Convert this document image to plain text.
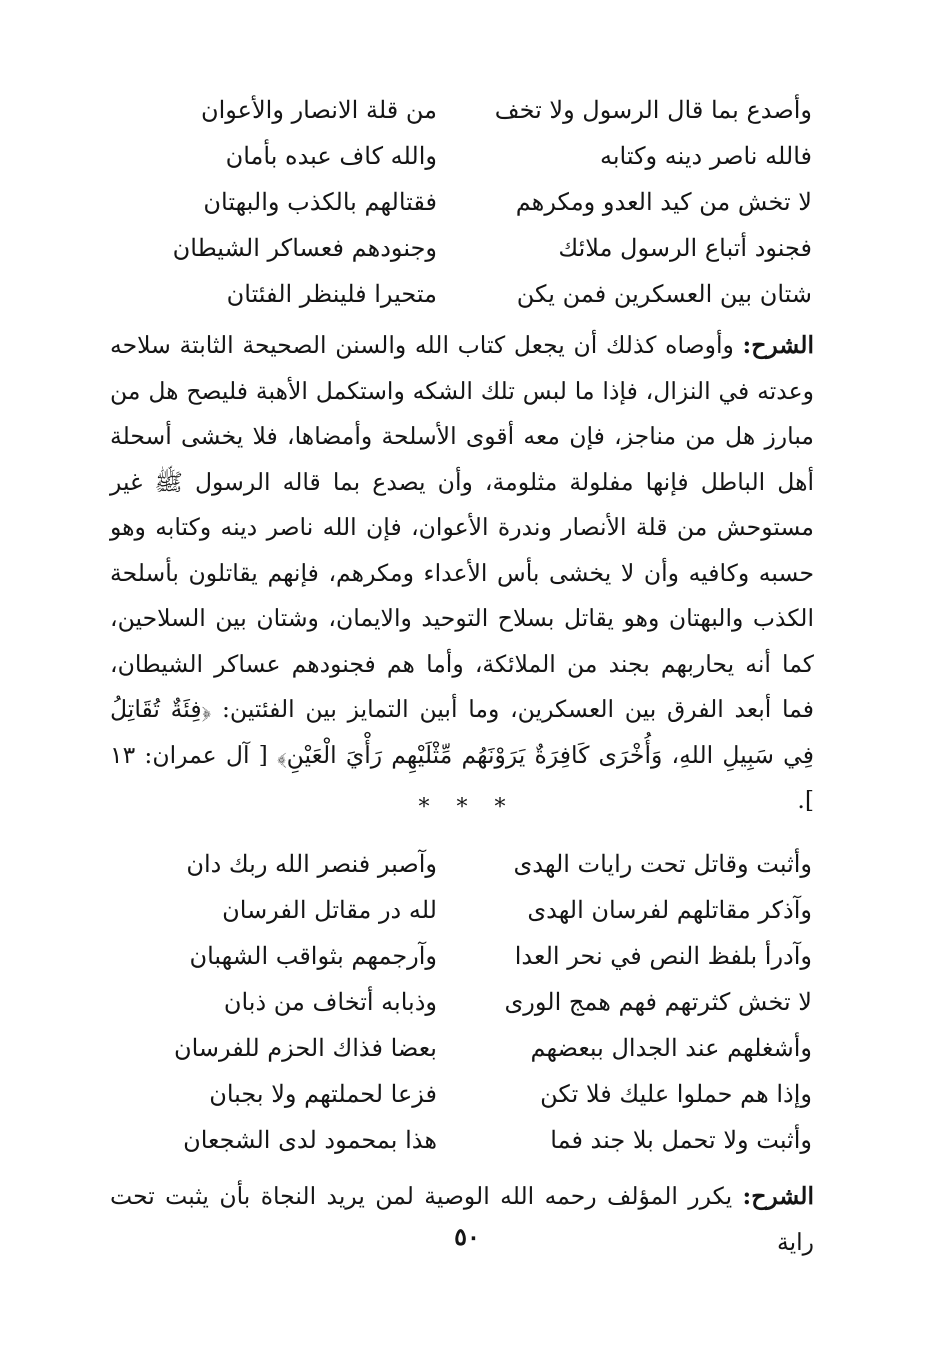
وأصدع بما قال الرسول ولا تخف
من قلة الانصار والأعوان
فالله ناصر دينه وكتابه
والله كاف عبده بأمان
لا تخش من كيد العدو ومكرهم
فقتالهم بالكذب والبهتان
فجنود أتباع الرسول ملائك
وجنودهم فعساكر الشيطان
شتان بين العسكرين فمن يكن
متحيرا فلينظر الفئتان

الشرح: وأوصاه كذلك أن يجعل كتاب الله والسنن الصحيحة الثابتة سلاحه وعدته في النزال، فإذا ما لبس تلك الشكه واستكمل الأهبة فليصح هل من مبارز هل من مناجز، فإن معه أقوى الأسلحة وأمضاها، فلا يخشى أسحلة أهل الباطل فإنها مفلولة مثلومة، وأن يصدع بما قاله الرسول ﷺ غير مستوحش من قلة الأنصار وندرة الأعوان، فإن الله ناصر دينه وكتابه وهو حسبه وكافيه وأن لا يخشى بأس الأعداء ومكرهم، فإنهم يقاتلون بأسلحة الكذب والبهتان وهو يقاتل بسلاح التوحيد والايمان، وشتان بين السلاحين، كما أنه يحاربهم بجند من الملائكة، وأما هم فجنودهم عساكر الشيطان، فما أبعد الفرق بين العسكرين، وما أبين التمايز بين الفئتين: ﴿فِئَةٌ تُقَاتِلُ فِي سَبِيلِ اللهِ، وَأُخْرَى كَافِرَةٌ يَرَوْنَهُم مِّثْلَيْهِم رَأْيَ الْعَيْنِ﴾ [ آل عمران: ١٣ ].

* * *
وأثبت وقاتل تحت رايات الهدى
وآصبر فنصر الله ربك دان
وآذكر مقاتلهم لفرسان الهدى
لله در مقاتل الفرسان
وآدرأ بلفظ النص في نحر العدا
وآرجمهم بثواقب الشهبان
لا تخش كثرتهم فهم همج الورى
وذبابه أتخاف من ذبان
وأشغلهم عند الجدال ببعضهم
بعضا فذاك الحزم للفرسان
وإذا هم حملوا عليك فلا تكن
فزعا لحملتهم ولا بجبان
وأثبت ولا تحمل بلا جند فما
هذا بمحمود لدى الشجعان

الشرح: يكرر المؤلف رحمه الله الوصية لمن يريد النجاة بأن يثبت تحت راية

٥٠
